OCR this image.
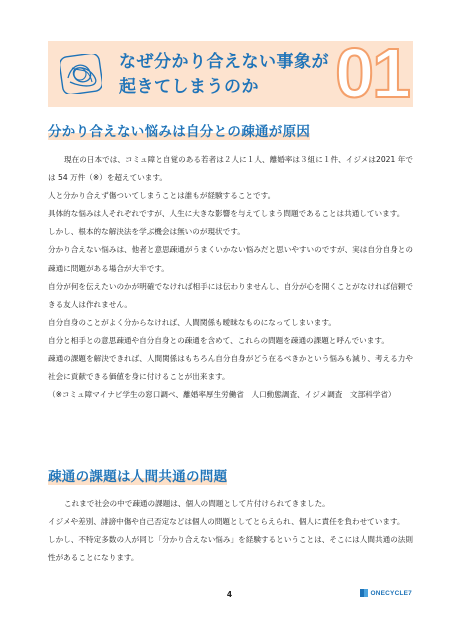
なぜ分かり合えない事象が
起きてしまうのか	01
分かり合えない悩みは自分との疎通が原因

現在の日本では、コミュ障と自覚のある若者は２人に１人、離婚率は３組に１件、イジメは2021 年では 54 万件（※）を超えています。

人と分かり合えず傷ついてしまうことは誰もが経験することです。

具体的な悩みは人それぞれですが、人生に大きな影響を与えてしまう問題であることは共通しています。

しかし、根本的な解決法を学ぶ機会は無いのが現状です。

分かり合えない悩みは、他者と意思疎通がうまくいかない悩みだと思いやすいのですが、実は自分自身との疎通に問題がある場合が大半です。

自分が何を伝えたいのかが明確でなければ相手には伝わりませんし、自分が心を開くことがなければ信頼できる友人は作れません。

自分自身のことがよく分からなければ、人間関係も曖昧なものになってしまいます。

自分と相手との意思疎通や自分自身との疎通を含めて、これらの問題を疎通の課題と呼んでいます。

疎通の課題を解決できれば、人間関係はもちろん自分自身がどう在るべきかという悩みも減り、考える力や社会に貢献できる価値を身に付けることが出来ます。

（※コミュ障マイナビ学生の窓口調べ、離婚率厚生労働省　人口動態調査、イジメ調査　文部科学省）

疎通の課題は人間共通の問題

これまで社会の中で疎通の課題は、個人の問題として片付けられてきました。

イジメや差別、誹謗中傷や自己否定などは個人の問題としてとらえられ、個人に責任を負わせています。

しかし、不特定多数の人が同じ「分かり合えない悩み」を経験するということは、そこには人間共通の法則性があることになります。

4	ONECYCLE7
